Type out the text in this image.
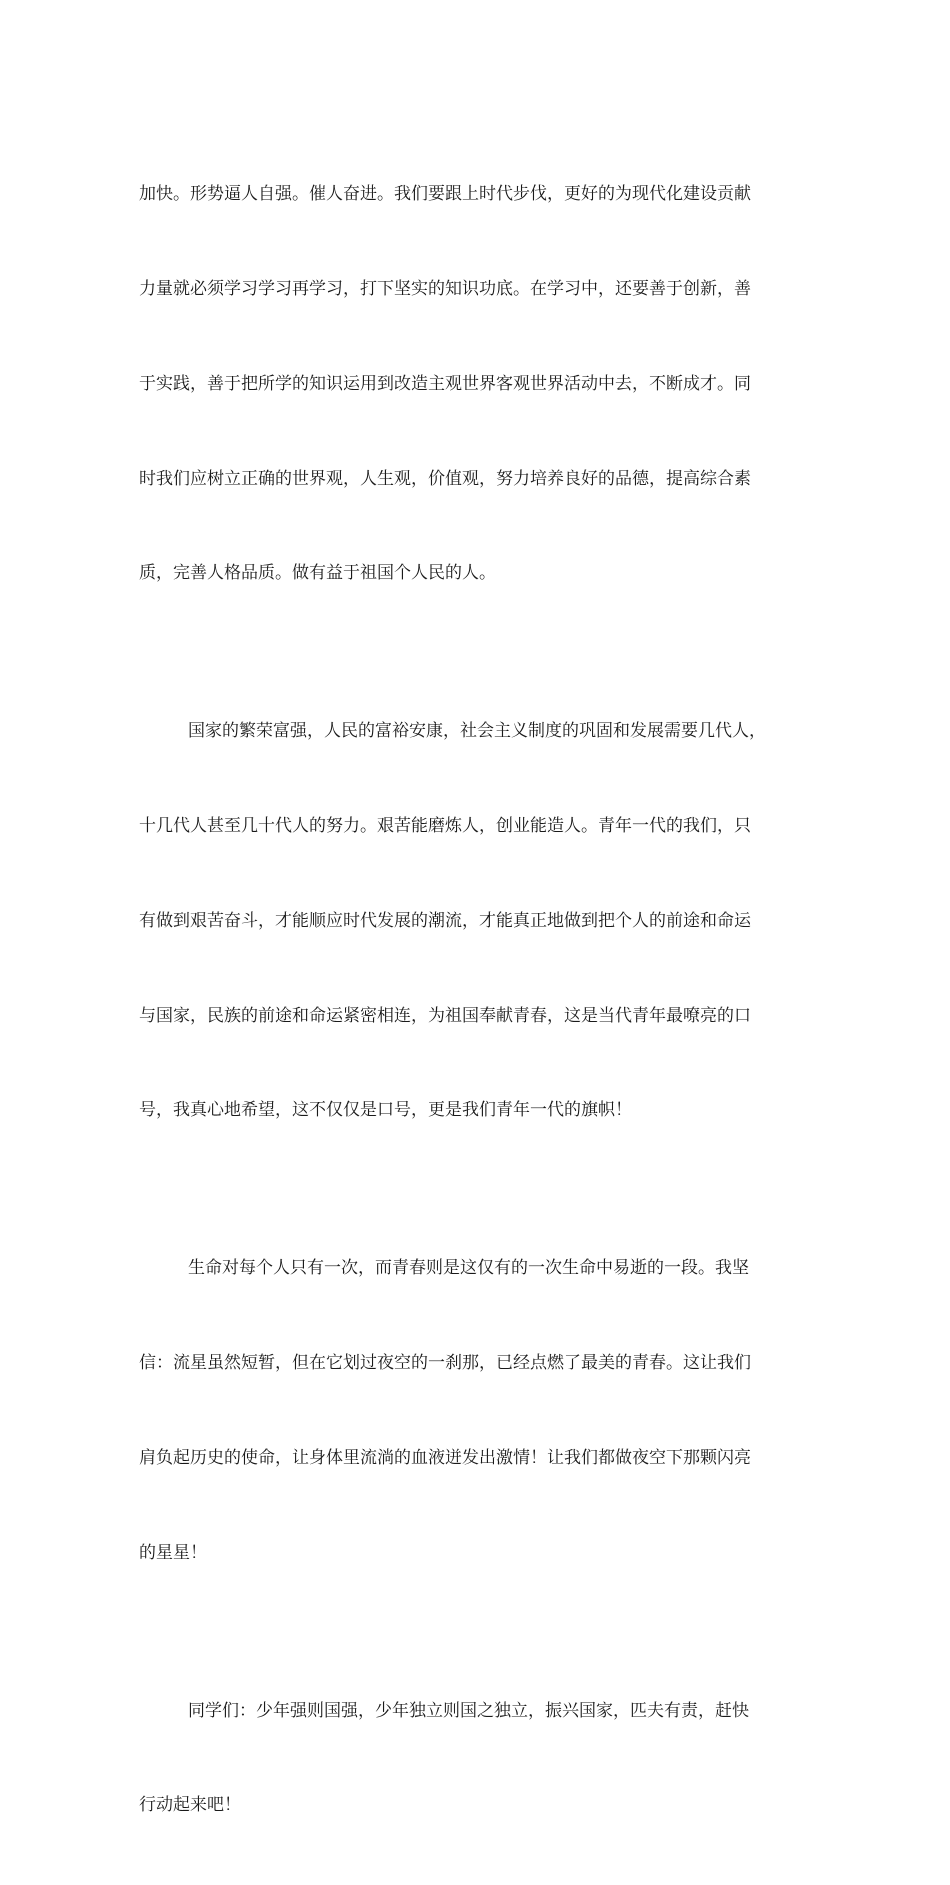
加快。形势逼人自强。催人奋进。我们要跟上时代步伐，更好的为现代化建设贡献

力量就必须学习学习再学习，打下坚实的知识功底。在学习中，还要善于创新，善

于实践，善于把所学的知识运用到改造主观世界客观世界活动中去，不断成才。同

时我们应树立正确的世界观，人生观，价值观，努力培养良好的品德，提高综合素

质，完善人格品质。做有益于祖国个人民的人。

国家的繁荣富强，人民的富裕安康，社会主义制度的巩固和发展需要几代人，

十几代人甚至几十代人的努力。艰苦能磨炼人，创业能造人。青年一代的我们，只

有做到艰苦奋斗，才能顺应时代发展的潮流，才能真正地做到把个人的前途和命运

与国家，民族的前途和命运紧密相连，为祖国奉献青春，这是当代青年最嘹亮的口

号，我真心地希望，这不仅仅是口号，更是我们青年一代的旗帜！

生命对每个人只有一次，而青春则是这仅有的一次生命中易逝的一段。我坚

信：流星虽然短暂，但在它划过夜空的一刹那，已经点燃了最美的青春。这让我们

肩负起历史的使命，让身体里流淌的血液迸发出激情！让我们都做夜空下那颗闪亮

的星星！

同学们：少年强则国强，少年独立则国之独立，振兴国家，匹夫有责，赶快

行动起来吧！
